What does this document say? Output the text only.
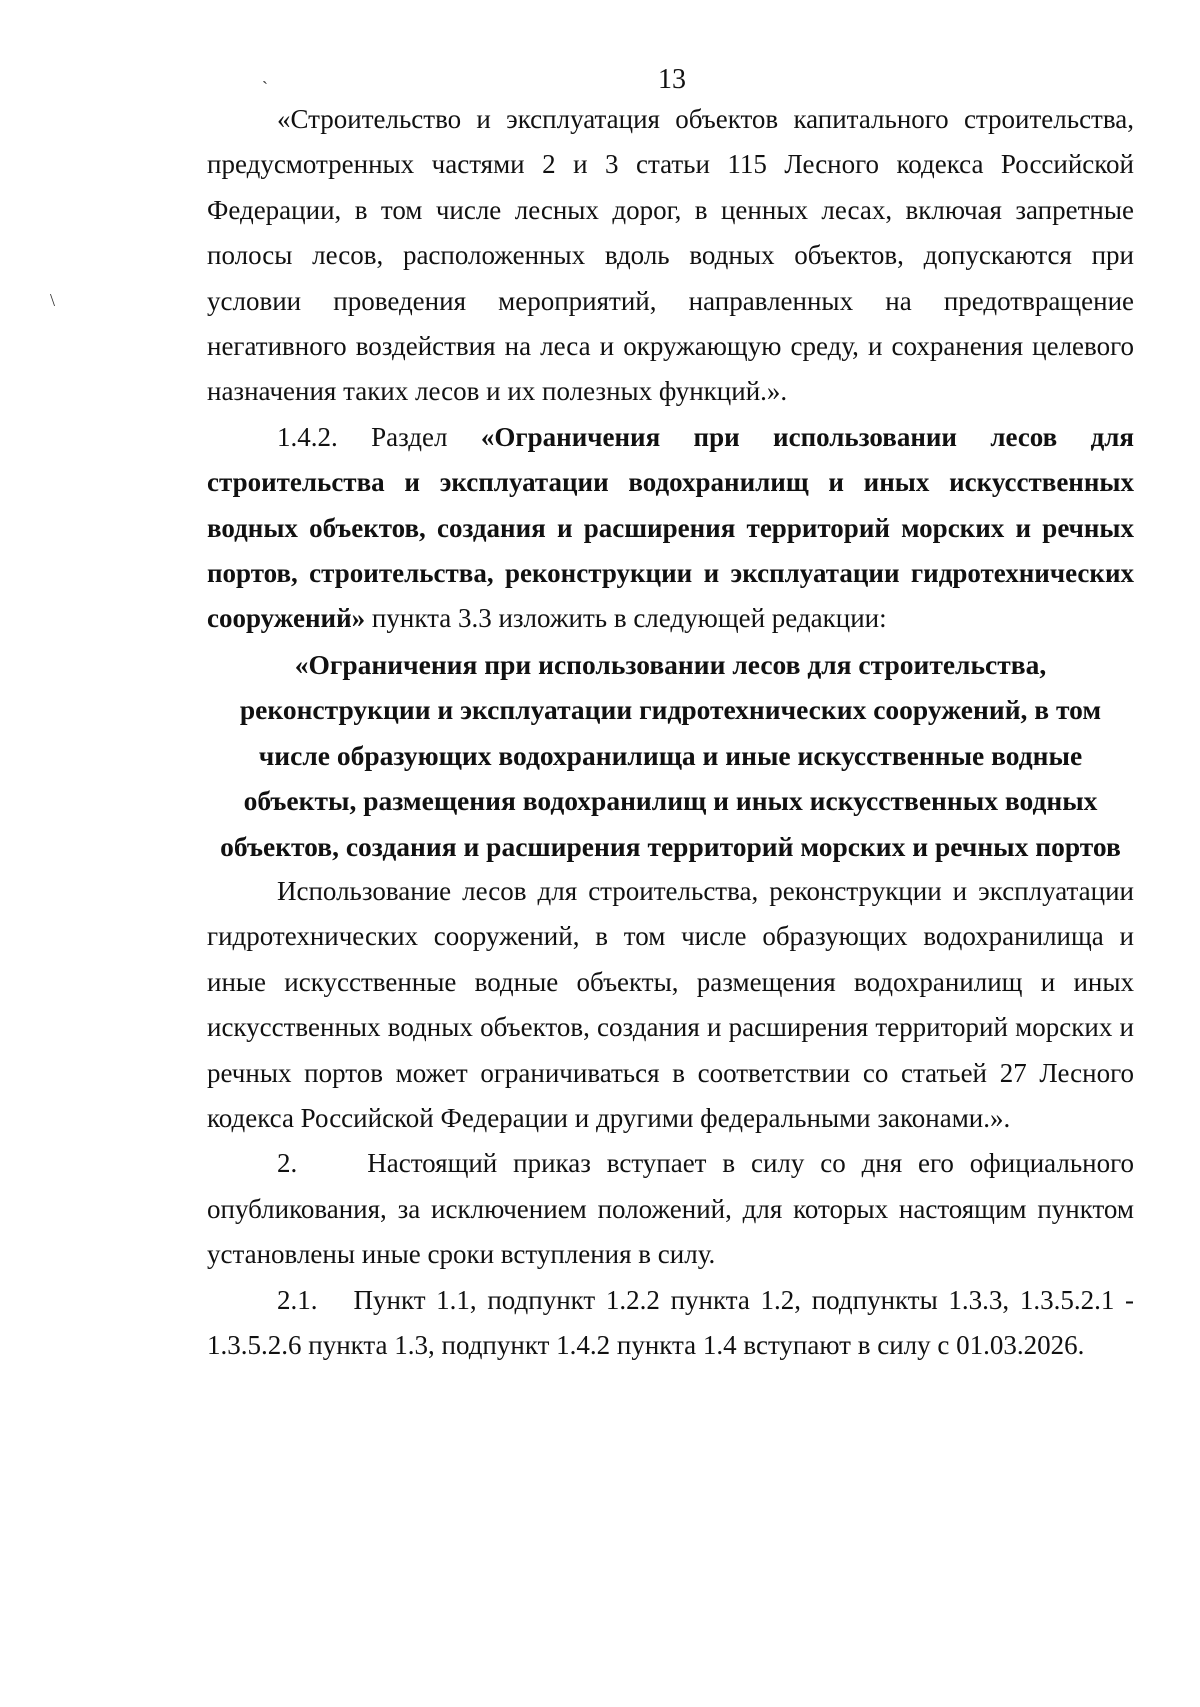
13

«Строительство и эксплуатация объектов капитального строительства, предусмотренных частями 2 и 3 статьи 115 Лесного кодекса Российской Федерации, в том числе лесных дорог, в ценных лесах, включая запретные полосы лесов, расположенных вдоль водных объектов, допускаются при условии проведения мероприятий, направленных на предотвращение негативного воздействия на леса и окружающую среду, и сохранения целевого назначения таких лесов и их полезных функций.».

1.4.2. Раздел «Ограничения при использовании лесов для строительства и эксплуатации водохранилищ и иных искусственных водных объектов, создания и расширения территорий морских и речных портов, строительства, реконструкции и эксплуатации гидротехнических сооружений» пункта 3.3 изложить в следующей редакции:

«Ограничения при использовании лесов для строительства, реконструкции и эксплуатации гидротехнических сооружений, в том числе образующих водохранилища и иные искусственные водные объекты, размещения водохранилищ и иных искусственных водных объектов, создания и расширения территорий морских и речных портов

Использование лесов для строительства, реконструкции и эксплуатации гидротехнических сооружений, в том числе образующих водохранилища и иные искусственные водные объекты, размещения водохранилищ и иных искусственных водных объектов, создания и расширения территорий морских и речных портов может ограничиваться в соответствии со статьей 27 Лесного кодекса Российской Федерации и другими федеральными законами.».

2.	Настоящий приказ вступает в силу со дня его официального опубликования, за исключением положений, для которых настоящим пунктом установлены иные сроки вступления в силу.

2.1. Пункт 1.1, подпункт 1.2.2 пункта 1.2, подпункты 1.3.3, 1.3.5.2.1 - 1.3.5.2.6 пункта 1.3, подпункт 1.4.2 пункта 1.4 вступают в силу с 01.03.2026.

ˋ
\
